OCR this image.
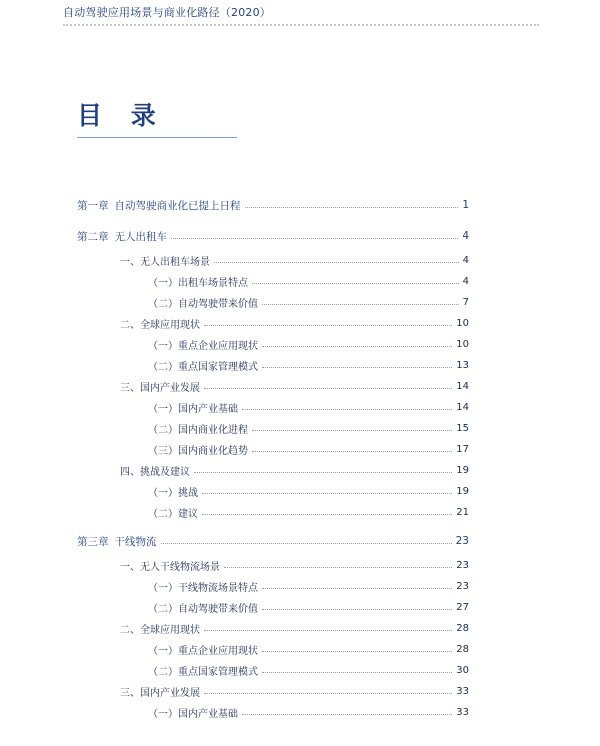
自动驾驶应用场景与商业化路径（2020）
目 录
第一章 自动驾驶商业化已提上日程	1
第二章 无人出租车	4
一、无人出租车场景	4
（一）出租车场景特点	4
（二）自动驾驶带来价值	7
二、全球应用现状	10
（一）重点企业应用现状	10
（二）重点国家管理模式	13
三、国内产业发展	14
（一）国内产业基础	14
（二）国内商业化进程	15
（三）国内商业化趋势	17
四、挑战及建议	19
（一）挑战	19
（二）建议	21
第三章 干线物流	23
一、无人干线物流场景	23
（一）干线物流场景特点	23
（二）自动驾驶带来价值	27
二、全球应用现状	28
（一）重点企业应用现状	28
（二）重点国家管理模式	30
三、国内产业发展	33
（一）国内产业基础	33
